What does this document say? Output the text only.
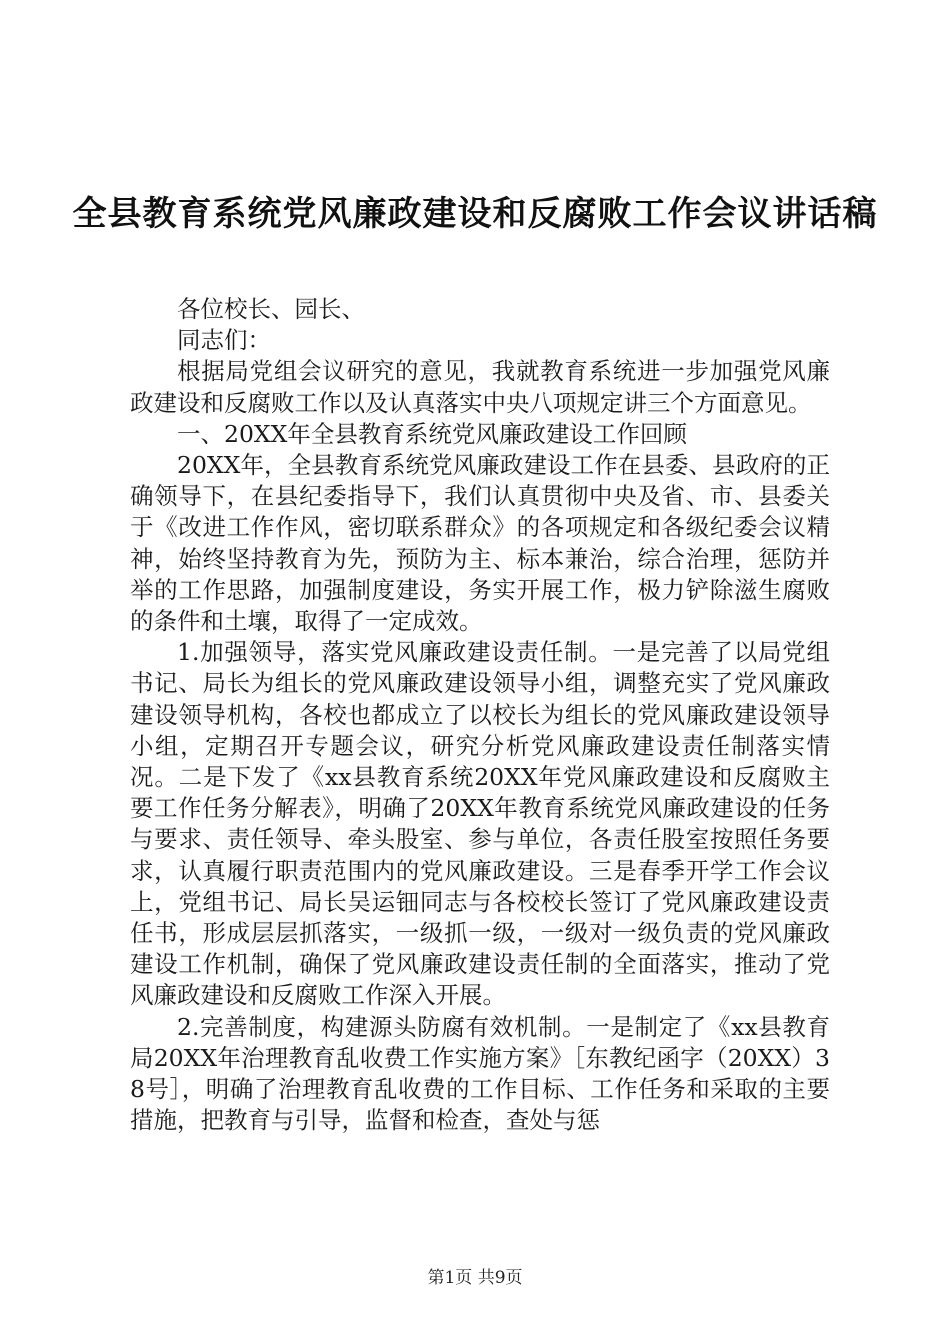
全县教育系统党风廉政建设和反腐败工作会议讲话稿

各位校长、园长、

同志们：

根据局党组会议研究的意见，我就教育系统进一步加强党风廉政建设和反腐败工作以及认真落实中央八项规定讲三个方面意见。

一、20XX年全县教育系统党风廉政建设工作回顾

20XX年，全县教育系统党风廉政建设工作在县委、县政府的正确领导下，在县纪委指导下，我们认真贯彻中央及省、市、县委关于《改进工作作风，密切联系群众》的各项规定和各级纪委会议精神，始终坚持教育为先，预防为主、标本兼治，综合治理，惩防并举的工作思路，加强制度建设，务实开展工作，极力铲除滋生腐败的条件和土壤，取得了一定成效。

1.加强领导，落实党风廉政建设责任制。一是完善了以局党组书记、局长为组长的党风廉政建设领导小组，调整充实了党风廉政建设领导机构，各校也都成立了以校长为组长的党风廉政建设领导小组，定期召开专题会议，研究分析党风廉政建设责任制落实情况。二是下发了《xx县教育系统20XX年党风廉政建设和反腐败主要工作任务分解表》，明确了20XX年教育系统党风廉政建设的任务与要求、责任领导、牵头股室、参与单位，各责任股室按照任务要求，认真履行职责范围内的党风廉政建设。三是春季开学工作会议上，党组书记、局长吴运钿同志与各校校长签订了党风廉政建设责任书，形成层层抓落实，一级抓一级，一级对一级负责的党风廉政建设工作机制，确保了党风廉政建设责任制的全面落实，推动了党风廉政建设和反腐败工作深入开展。

2.完善制度，构建源头防腐有效机制。一是制定了《xx县教育局20XX年治理教育乱收费工作实施方案》［东教纪函字（20XX）38号］，明确了治理教育乱收费的工作目标、工作任务和采取的主要措施，把教育与引导，监督和检查，查处与惩

第1页 共9页
